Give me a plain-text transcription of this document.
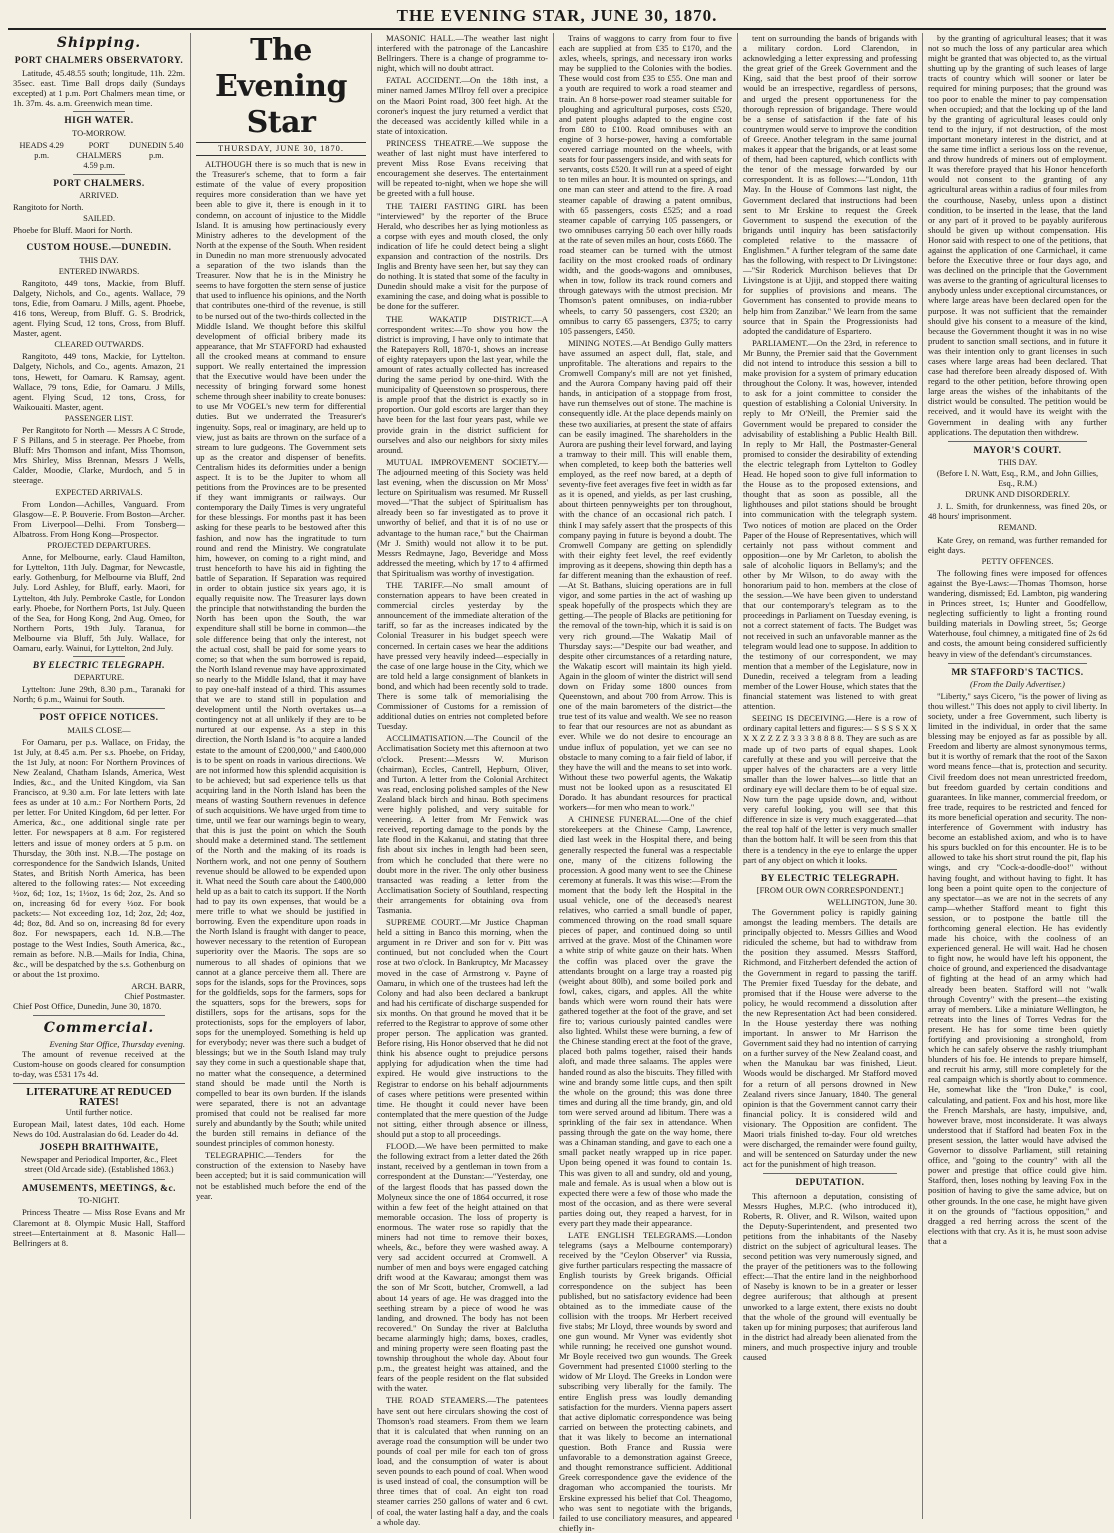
THE EVENING STAR, JUNE 30, 1870.
Shipping.
PORT CHALMERS OBSERVATORY.

Latitude, 45.48.55 south; longitude, 11h. 22m. 35sec. east. Time Ball drops daily (Sundays excepted) at 1 p.m. Port Chalmers mean time, or 1h. 37m. 4s. a.m. Greenwich mean time.

HIGH WATER.
TO-MORROW.
HEADS 4.29 p.m.
PORT CHALMERS 4.59 p.m.
DUNEDIN 5.40 p.m.
PORT CHALMERS.
ARRIVED.

Rangitoto for North.

SAILED.

Phoebe for Bluff. Maori for North.

CUSTOM HOUSE.—DUNEDIN.
THIS DAY.
ENTERED INWARDS.

Rangitoto, 449 tons, Mackie, from Bluff. Dalgety, Nichols, and Co., agents. Wallace, 79 tons, Edie, from Oamaru. J Mills, agent. Phoebe, 416 tons, Wereup, from Bluff. G. S. Brodrick, agent. Flying Scud, 12 tons, Cross, from Bluff. Master, agent.

CLEARED OUTWARDS.

Rangitoto, 449 tons, Mackie, for Lyttelton. Dalgety, Nichols, and Co., agents. Amazon, 21 tons, Hewett, for Oamaru. K Ramsay, agent. Wallace, 79 tons, Edie, for Oamaru. J Mills, agent. Flying Scud, 12 tons, Cross, for Waikouaiti. Master, agent.

PASSENGER LIST.

Per Rangitoto for North — Messrs A C Strode, F S Pillans, and 5 in steerage. Per Phoebe, from Bluff: Mrs Thomson and infant, Miss Thomson, Mrs Shirley, Miss Brennan, Messrs J Wells, Calder, Moodie, Clarke, Murdoch, and 5 in steerage.

EXPECTED ARRIVALS.

From London—Achilles, Vanguard. From Glasgow—E. P. Bouverie. From Boston—Archer. From Liverpool—Delhi. From Tonsberg—Albatross. From Hong Kong—Prospector.

PROJECTED DEPARTURES.

Anne, for Melbourne, early. Claud Hamilton, for Lyttelton, 11th July. Dagmar, for Newcastle, early. Gothenburg, for Melbourne via Bluff, 2nd July. Lord Ashley, for Bluff, early. Maori, for Lyttelton, 4th July. Pembroke Castle, for London early. Phoebe, for Northern Ports, 1st July. Queen of the Sea, for Hong Kong, 2nd Aug. Omeo, for Northern Ports, 19th July. Taranua, for Melbourne via Bluff, 5th July. Wallace, for Oamaru, early. Wainui, for Lyttelton, 2nd July.

BY ELECTRIC TELEGRAPH.
DEPARTURE.

Lyttelton: June 29th, 8.30 p.m., Taranaki for North; 6 p.m., Wainui for South.

POST OFFICE NOTICES.
MAILS CLOSE—

For Oamaru, per p.s. Wallace, on Friday, the 1st July, at 8.45 a.m. Per s.s. Phoebe, on Friday, the 1st July, at noon: For Northern Provinces of New Zealand, Chatham Islands, America, West Indies, &c., and the United Kingdom, via San Francisco, at 9.30 a.m. For late letters with late fees as under at 10 a.m.: For Northern Ports, 2d per letter. For United Kingdom, 6d per letter. For America, &c., one additional single rate per letter. For newspapers at 8 a.m. For registered letters and issue of money orders at 5 p.m. on Thursday, the 30th inst. N.B.—The postage on correspondence for the Sandwich Islands, United States, and British North America, has been altered to the following rates:— Not exceeding ½oz, 6d; 1oz, 1s; 1½oz, 1s 6d; 2oz, 2s. And so on, increasing 6d for every ½oz. For book packets:— Not exceeding 1oz, 1d; 2oz, 2d; 4oz, 4d; 8oz, 8d. And so on, increasing 8d for every 8oz. For newspapers, each 1d. N.B.—The postage to the West Indies, South America, &c., remain as before. N.B.—Mails for India, China, &c., will be despatched by the s.s. Gothenburg on or about the 1st proximo.

ARCH. BARR,
Chief Postmaster.
Chief Post Office, Dunedin, June 30, 1870.
Commercial.
Evening Star Office, Thursday evening.

The amount of revenue received at the Custom-house on goods cleared for consumption to-day, was £531 17s 4d.

LITERATURE AT REDUCED RATES!
Until further notice.

European Mail, latest dates, 10d each. Home News do 10d. Australasian do 6d. Leader do 4d.

JOSEPH BRAITHWAITE,
Newspaper and Periodical Importer, &c., Fleet street (Old Arcade side). (Established 1863.)
AMUSEMENTS, MEETINGS, &c.
TO-NIGHT.

Princess Theatre — Miss Rose Evans and Mr Claremont at 8. Olympic Music Hall, Stafford street—Entertainment at 8. Masonic Hall—Bellringers at 8.

The Evening Star
THURSDAY, JUNE 30, 1870.

ALTHOUGH there is so much that is new in the Treasurer's scheme, that to form a fair estimate of the value of every proposition requires more consideration than we have yet been able to give it, there is enough in it to condemn, on account of injustice to the Middle Island. It is amusing how pertinaciously every Ministry adheres to the development of the North at the expense of the South. When resident in Dunedin no man more strenuously advocated a separation of the two islands than the Treasurer. Now that he is in the Ministry he seems to have forgotten the stern sense of justice that used to influence his opinions, and the North that contributes one-third of the revenue, is still to be nursed out of the two-thirds collected in the Middle Island. We thought before this skilful development of official bribery made its appearance, that Mr STAFFORD had exhausted all the crooked means at command to ensure support. We really entertained the impression that the Executive would have been under the necessity of bringing forward some honest scheme through sheer inability to create bonuses: to use Mr VOGEL's new term for differential duties. But we underrated the Treasurer's ingenuity. Sops, real or imaginary, are held up to view, just as baits are thrown on the surface of a stream to lure gudgeons. The Government sets up as the creator and dispenser of benefits. Centralism hides its deformities under a benign aspect. It is to be the Jupiter to whom all petitions from the Provinces are to be presented if they want immigrants or railways. Our contemporary the Daily Times is very ungrateful for these blessings. For months past it has been asking for these pearls to be bestowed after this fashion, and now has the ingratitude to turn round and rend the Ministry. We congratulate him, however, on coming to a right mind, and trust henceforth to have his aid in fighting the battle of Separation. If Separation was required in order to obtain justice six years ago, it is equally requisite now. The Treasurer lays down the principle that notwithstanding the burden the North has been upon the South, the war expenditure shall still be borne in common—the sole difference being that only the interest, not the actual cost, shall be paid for some years to come; so that when the sum borrowed is repaid, the North Island revenue may have approximated so nearly to the Middle Island, that it may have to pay one-half instead of a third. This assumes that we are to stand still in population and development until the North overtakes us—a contingency not at all unlikely if they are to be nurtured at our expense. As a step in this direction, the North Island is "to acquire a landed estate to the amount of £200,000," and £400,000 is to be spent on roads in various directions. We are not informed how this splendid acquisition is to be achieved; but sad experience tells us that acquiring land in the North Island has been the means of wasting Southern revenues in defence of such acquisitions. We have urged from time to time, until we fear our warnings begin to weary, that this is just the point on which the South should make a determined stand. The settlement of the North and the making of its roads is Northern work, and not one penny of Southern revenue should be allowed to be expended upon it. What need the South care about the £400,000 held up as a bait to catch its support. If the North had to pay its own expenses, that would be a mere trifle to what we should be justified in borrowing. Even the expenditure upon roads in the North Island is fraught with danger to peace, however necessary to the retention of European superiority over the Maoris. The sops are so numerous to all shades of opinions that we cannot at a glance perceive them all. There are sops for the islands, sops for the Provinces, sops for the goldfields, sops for the farmers, sops for the squatters, sops for the brewers, sops for distillers, sops for the artisans, sops for the protectionists, sops for the employers of labor, sops for the unemployed. Something is held up for everybody; never was there such a budget of blessings; but we in the South Island may truly say they come in such a questionable shape that, no matter what the consequence, a determined stand should be made until the North is compelled to bear its own burden. If the islands were separated, there is not an advantage promised that could not be realised far more surely and abundantly by the South; while united the burden still remains in defiance of the soundest principles of common honesty.

TELEGRAPHIC.—Tenders for the construction of the extension to Naseby have been accepted; but it is said communication will not be established much before the end of the year.

MASONIC HALL.—The weather last night interfered with the patronage of the Lancashire Bellringers. There is a change of programme to-night, which will no doubt attract.

FATAL ACCIDENT.—On the 18th inst, a miner named James M'Ilroy fell over a precipice on the Maori Point road, 300 feet high. At the coroner's inquest the jury returned a verdict that the deceased was accidently killed while in a state of intoxication.

PRINCESS THEATRE.—We suppose the weather of last night must have interfered to prevent Miss Rose Evans receiving that encouragement she deserves. The entertainment will be repeated to-night, when we hope she will be greeted with a full house.

THE TAIERI FASTING GIRL has been "interviewed" by the reporter of the Bruce Herald, who describes her as lying motionless as a corpse with eyes and mouth closed, the only indication of life he could detect being a slight expansion and contraction of the nostrils. Drs Inglis and Brenty have seen her, but say they can do nothing. It is stated that some of the faculty in Dunedin should make a visit for the purpose of examining the case, and doing what is possible to be done for the sufferer.

THE WAKATIP DISTRICT.—A correspondent writes:—To show you how the district is improving, I have only to intimate that the Ratepayers Roll, 1870-1, shows an increase of eighty ratepayers upon the last year, while the amount of rates actually collected has increased during the same period by one-third. With the municipality of Queenstown so prosperous, there is ample proof that the district is exactly so in proportion. Our gold escorts are larger than they have been for the last four years past, while we provide grain in the district sufficient for ourselves and also our neighbors for sixty miles around.

MUTUAL IMPROVEMENT SOCIETY.—The adjourned meeting of this Society was held last evening, when the discussion on Mr Moss' lecture on Spiritualism was resumed. Mr Russell moved—"That the subject of Spiritualism has already been so far investigated as to prove it unworthy of belief, and that it is of no use or advantage to the human race," but the Chairman (Mr J. Smith) would not allow it to be put. Messrs Redmayne, Jago, Beveridge and Moss addressed the meeting, which by 17 to 4 affirmed that Spiritualism was worthy of investigation.

THE TARIFF.—No small amount of consternation appears to have been created in commercial circles yesterday by the announcement of the immediate alteration of the tariff, so far as the increases indicated by the Colonial Treasurer in his budget speech were concerned. In certain cases we hear the additions have pressed very heavily indeed—especially in the case of one large house in the City, which we are told held a large consignment of blankets in bond, and which had been recently sold to trade. There is some talk of memorialising the Commissioner of Customs for a remission of additional duties on entries not completed before Tuesday.

ACCLIMATISATION.—The Council of the Acclimatisation Society met this afternoon at two o'clock. Present:—Messrs W. Murison (chairman), Eccles, Cantrell, Hepburn, Oliver, and Turton. A letter from the Colonial Architect was read, enclosing polished samples of the New Zealand black birch and hinau. Both specimens were highly polished, and very suitable for veneering. A letter from Mr Fenwick was received, reporting damage to the ponds by the late flood in the Kakanui, and stating that three fish about six inches in length had been seen, from which he concluded that there were no doubt more in the river. The only other business transacted was reading a letter from the Acclimatisation Society of Southland, respecting their arrangements for obtaining ova from Tasmania.

SUPREME COURT.—Mr Justice Chapman held a sitting in Banco this morning, when the argument in re Driver and son for v. Pitt was continued, but not concluded when the Court rose at two o'clock. In Bankruptcy, Mr Macassey moved in the case of Armstrong v. Payne of Oamaru, in which one of the trustees had left the Colony and had also been declared a bankrupt and had his certificate of discharge suspended for six months. On that ground he moved that it be referred to the Registrar to approve of some other proper person. The application was granted. Before rising, His Honor observed that he did not think his absence ought to prejudice persons applying for adjudication when the time had expired. He would give instructions to the Registrar to endorse on his behalf adjournments of cases where petitions were presented within time. He thought it could never have been contemplated that the mere question of the Judge not sitting, either through absence or illness, should put a stop to all proceedings.

FLOOD.—We have been permitted to make the following extract from a letter dated the 26th instant, received by a gentleman in town from a correspondent at the Dunstan:—"Yesterday, one of the largest floods that has passed down the Molyneux since the one of 1864 occurred, it rose within a few feet of the height attained on that memorable occasion. The loss of property is enormous. The water rose so rapidly that the miners had not time to remove their boxes, wheels, &c., before they were washed away. A very sad accident occurred at Cromwell. A number of men and boys were engaged catching drift wood at the Kawarau; amongst them was the son of Mr Scott, butcher, Cromwell, a lad about 14 years of age. He was dragged into the seething stream by a piece of wood he was landing, and drowned. The body has not been recovered." On Sunday the river at Balclutha became alarmingly high; dams, boxes, cradles, and mining property were seen floating past the township throughout the whole day. About four p.m., the greatest height was attained, and the fears of the people resident on the flat subsided with the water.

THE ROAD STEAMERS.—The patentees have sent out here circulars showing the cost of Thomson's road steamers. From them we learn that it is calculated that when running on an average road the consumption will be under two pounds of coal per mile for each ton of gross load, and the consumption of water is about seven pounds to each pound of coal. When wood is used instead of coal, the consumption will be three times that of coal. An eight ton road steamer carries 250 gallons of water and 6 cwt. of coal, the water lasting half a day, and the coals a whole day.

Trains of waggons to carry from four to five each are supplied at from £35 to £170, and the axles, wheels, springs, and necessary iron works may be supplied to the Colonies with the bodies. These would cost from £35 to £55. One man and a youth are required to work a road steamer and train. An 8 horse-power road steamer suitable for ploughing and agricultural purposes, costs £520, and patent ploughs adapted to the engine cost from £80 to £100. Road omnibuses with an engine of 3 horse-power, having a comfortable covered carriage mounted on the wheels, with seats for four passengers inside, and with seats for servants, costs £520. It will run at a speed of eight to ten miles an hour. It is mounted on springs, and one man can steer and attend to the fire. A road steamer capable of drawing a patent omnibus, with 65 passengers, costs £525; and a road steamer capable of carrying 105 passengers, or two omnibuses carrying 50 each over hilly roads at the rate of seven miles an hour, costs £660. The road steamer can be turned with the utmost facility on the most crooked roads of ordinary width, and the goods-wagons and omnibuses, when in tow, follow its track round corners and through gateways with the utmost precision. Mr Thomson's patent omnibuses, on india-rubber wheels, to carry 50 passengers, cost £320; an omnibus to carry 65 passengers, £375; to carry 105 passengers, £450.

MINING NOTES.—At Bendigo Gully matters have assumed an aspect dull, flat, stale, and unprofitable. The alterations and repairs to the Cromwell Company's mill are not yet finished, and the Aurora Company having paid off their hands, in anticipation of a stoppage from frost, have run themselves out of stone. The machine is consequently idle. At the place depends mainly on these two auxiliaries, at present the state of affairs can be easily imagined. The shareholders in the Aurora are pushing their level forward, and laying a tramway to their mill. This will enable them, when completed, to keep both the batteries well employed, as the reef now bared, at a depth of seventy-five feet averages five feet in width as far as it is opened, and yields, as per last crushing, about thirteen pennyweights per ton throughout, with the chance of an occasional rich patch. I think I may safely assert that the prospects of this company paying in future is beyond a doubt. The Cromwell Company are getting on splendidly with their eighty feet level, the reef evidently improving as it deepens, showing thin depth has a far different meaning than the exhaustion of reef.—At St. Bathans, sluicing operations are in full vigor, and some parties in the act of washing up speak hopefully of the prospects which they are getting.—The people of Blacks are petitioning for the removal of the town-hip, which it is said is on very rich ground.—The Wakatip Mail of Thursday says:—"Despite our bad weather, and despite other circumstances of a retarding nature, the Wakatip escort will maintain its high yield. Again in the gloom of winter the district will send down on Friday some 1800 ounces from Queenstown, and about 700 from Arrow. This is one of the main barometers of the district—the true test of its value and wealth. We see no reason to fear that our resources are not as abundant as ever. While we do not desire to encourage an undue influx of population, yet we can see no obstacle to many coming to a fair field of labor, if they have the will and the means to set into work. Without these two powerful agents, the Wakatip must not be looked upon as a resuscitated El Dorado. It has abundant resources for practical workers—for men who mean to work."

A CHINESE FUNERAL.—One of the chief storekeepers at the Chinese Camp, Lawrence, died last week in the Hospital there, and being generally respected the funeral was a respectable one, many of the citizens following the procession. A good many went to see the Chinese ceremony at funerals. It was this wise:—From the moment that the body left the Hospital in the usual vehicle, one of the deceased's nearest relatives, who carried a small bundle of paper, commenced throwing on the road small square pieces of paper, and continued doing so until arrived at the grave. Most of the Chinamen wore a white strip of white gauze on their hats. When the coffin was placed over the grave the attendants brought on a large tray a roasted pig (weight about 80lb), and some boiled pork and fowl, cakes, cigars, and apples. All the white bands which were worn round their hats were gathered together at the foot of the grave, and set fire to; various curiously painted candles were also lighted. Whilst these were burning, a few of the Chinese standing erect at the foot of the grave, placed both palms together, raised their hands aloft, and made three salaams. The apples were handed round as also the biscuits. They filled with wine and brandy some little cups, and then spilt the whole on the ground; this was done three times and during all the time brandy, gin, and old tom were served around ad libitum. There was a sprinkling of the fair sex in attendance. When passing through the gate on the way home, there was a Chinaman standing, and gave to each one a small packet neatly wrapped up in rice paper. Upon being opened it was found to contain 1s. This was given to all and sundry, old and young, male and female. As is usual when a blow out is expected there were a few of those who made the most of the occasion, and as there were several parties doing out, they reaped a harvest, for in every part they made their appearance.

LATE ENGLISH TELEGRAMS.—London telegrams (says a Melbourne contemporary) received by the "Ceylon Observer" via Russia, give further particulars respecting the massacre of English tourists by Greek brigands. Official correspondence on the subject has been published, but no satisfactory evidence had been obtained as to the immediate cause of the collision with the troops. Mr Herbert received five stabs; Mr Lloyd, three wounds by sword and one gun wound. Mr Vyner was evidently shot while running; he received one gunshot wound. Mr Boyle received two gun wounds. The Greek Government had presented £1000 sterling to the widow of Mr Lloyd. The Greeks in London were subscribing very liberally for the family. The entire English press was loudly demanding satisfaction for the murders. Vienna papers assert that active diplomatic correspondence was being carried on between the protecting cabinets, and that it was likely to become an international question. Both France and Russia were unfavorable to a demonstration against Greece, and thought remonstrance sufficient. Additional Greek correspondence gave the evidence of the dragoman who accompanied the tourists. Mr Erskine expressed his belief that Col. Theagomo, who was sent to negotiate with the brigands, failed to use conciliatory measures, and appeared chiefly in-

tent on surrounding the bands of brigands with a military cordon. Lord Clarendon, in acknowledging a letter expressing and professing the great grief of the Greek Government and the King, said that the best proof of their sorrow would be an irrespective, regardless of persons, and urged the present opportuneness for the thorough repression of brigandage. There would be a sense of satisfaction if the fate of his countrymen would serve to improve the condition of Greece. Another telegram in the same journal makes it appear that the brigands, or at least some of them, had been captured, which conflicts with the tenor of the message forwarded by our correspondent. It is as follows:—"London, 11th May. In the House of Commons last night, the Government declared that instructions had been sent to Mr Erskine to request the Greek Government to suspend the execution of the brigands until inquiry has been satisfactorily completed relative to the massacre of Englishmen." A further telegram of the same date has the following, with respect to Dr Livingstone:—"Sir Roderick Murchison believes that Dr Livingstone is at Ujiji, and stopped there waiting for supplies of provisions and means. The Government has consented to provide means to help him from Zanzibar." We learn from the same source that in Spain the Progressionists had adopted the candidature of Espartero.

PARLIAMENT.—On the 23rd, in reference to Mr Bunny, the Premier said that the Government did not intend to introduce this session a bill to make provision for a system of primary education throughout the Colony. It was, however, intended to ask for a joint committee to consider the question of establishing a Colonial University. In reply to Mr O'Neill, the Premier said the Government would be prepared to consider the advisability of establishing a Public Health Bill. In reply to Mr Hall, the Postmaster-General promised to consider the desirability of extending the electric telegraph from Lyttelton to Godley Head. He hoped soon to give full information to the House as to the proposed extensions, and thought that as soon as possible, all the lighthouses and pilot stations should be brought into communication with the telegraph system. Two notices of motion are placed on the Order Paper of the House of Representatives, which will certainly not pass without comment and opposition—one by Mr Carleton, to abolish the sale of alcoholic liquors in Bellamy's; and the other by Mr Wilson, to do away with the honorarium paid to hon. members at the close of the session.—We have been given to understand that our contemporary's telegram as to the proceedings in Parliament on Tuesday evening, is not a correct statement of facts. The Budget was not received in such an unfavorable manner as the telegram would lead one to suppose. In addition to the testimony of our correspondent, we may mention that a member of the Legislature, now in Dunedin, received a telegram from a leading member of the Lower House, which states that the financial statement was listened to with great attention.

SEEING IS DECEIVING.—Here is a row of ordinary capital letters and figures:— S S S S X X X X Z Z Z Z 3 3 3 3 8 8 8 8. They are such as are made up of two parts of equal shapes. Look carefully at these and you will perceive that the upper halves of the characters are a very little smaller than the lower halves—so little that an ordinary eye will declare them to be of equal size. Now turn the page upside down, and, without very careful looking, you will see that this difference in size is very much exaggerated—that the real top half of the letter is very much smaller than the bottom half. It will be seen from this that there is a tendency in the eye to enlarge the upper part of any object on which it looks.

BY ELECTRIC TELEGRAPH.
[FROM OUR OWN CORRESPONDENT.]
WELLINGTON, June 30.

The Government policy is rapidly gaining amongst the leading members. The details are principally objected to. Messrs Gillies and Wood ridiculed the scheme, but had to withdraw from the position they assumed. Messrs Stafford, Richmond, and Fitzherbert defended the action of the Government in regard to passing the tariff. The Premier fixed Tuesday for the debate, and promised that if the House were adverse to the policy, he would recommend a dissolution after the new Representation Act had been considered. In the House yesterday there was nothing important. In answer to Mr Harrison the Government said they had no intention of carrying on a further survey of the New Zealand coast, and when the Manukau bar was finished, Lieut. Woods would be discharged. Mr Stafford moved for a return of all persons drowned in New Zealand rivers since January, 1840. The general opinion is that the Government cannot carry their financial policy. It is considered wild and visionary. The Opposition are confident. The Maori trials finished to-day. Four old wretches were discharged, the remainder were found guilty, and will be sentenced on Saturday under the new act for the punishment of high treason.

DEPUTATION.

This afternoon a deputation, consisting of Messrs Hughes, M.P.C. (who introduced it), Roberts, R. Oliver, and R. Wilson, waited upon the Deputy-Superintendent, and presented two petitions from the inhabitants of the Naseby district on the subject of agricultural leases. The second petition was very numerously signed, and the prayer of the petitioners was to the following effect:—That the entire land in the neighborhood of Naseby is known to be in a greater or lesser degree auriferous; that although at present unworked to a large extent, there exists no doubt that the whole of the ground will eventually be taken up for mining purposes; that auriferous land in the district had already been alienated from the miners, and much prospective injury and trouble caused

by the granting of agricultural leases; that it was not so much the loss of any particular area which might be granted that was objected to, as the virtual shutting up by the granting of such leases of large tracts of country which will sooner or later be required for mining purposes; that the ground was too poor to enable the miner to pay compensation when occupied; and that the locking up of the land by the granting of agricultural leases could only tend to the injury, if not destruction, of the most important monetary interest in the district, and at the same time inflict a serious loss on the revenue, and throw hundreds of miners out of employment. It was therefore prayed that his Honor henceforth would not consent to the granting of any agricultural areas within a radius of four miles from the courthouse, Naseby, unless upon a distinct condition, to be inserted in the lease, that the land or any part of it proved to be payably auriferous should be given up without compensation. His Honor said with respect to one of the petitions, that against the application of one Carmichael, it came before the Executive three or four days ago, and was declined on the principle that the Government was averse to the granting of agricultural licenses to anybody unless under exceptional circumstances, or where large areas have been declared open for the purpose. It was not sufficient that the remainder should give his consent to a measure of the kind, because the Government thought it was in no wise prudent to sanction small sections, and in future it was their intention only to grant licenses in such cases where large areas had been declared. That case had therefore been already disposed of. With regard to the other petition, before throwing open large areas the wishes of the inhabitants of the district would be consulted. The petition would be received, and it would have its weight with the Government in dealing with any further applications. The deputation then withdrew.

MAYOR'S COURT.
THIS DAY.
(Before I. N. Watt, Esq., R.M., and John Gillies, Esq., R.M.)
DRUNK AND DISORDERLY.

J. L. Smith, for drunkenness, was fined 20s, or 48 hours' imprisonment.

REMAND.

Kate Grey, on remand, was further remanded for eight days.

PETTY OFFENCES.

The following fines were imposed for offences against the Bye-Laws:—Thomas Thomson, horse wandering, dismissed; Ed. Lambton, pig wandering in Princes street, 1s; Hunter and Goodfellow, neglecting sufficiently to light a fronting round building materials in Dowling street, 5s; George Waterhouse, foul chimney, a mitigated fine of 2s 6d and costs, the amount being considered sufficiently heavy in view of the defendant's circumstances.

MR STAFFORD'S TACTICS.
(From the Daily Advertiser.)

"Liberty," says Cicero, "is the power of living as thou willest." This does not apply to civil liberty. In society, under a free Government, such liberty is limited in the individual, in order that the same blessing may be enjoyed as far as possible by all. Freedom and liberty are almost synonymous terms, but it is worthy of remark that the root of the Saxon word means fence—that is, protection and security. Civil freedom does not mean unrestricted freedom, but freedom guarded by certain conditions and guarantees. In like manner, commercial freedom, or free trade, requires to be restricted and fenced for its more beneficial operation and security. The non-interference of Government with industry has become an established axiom, and who is to have his spurs buckled on for this encounter. He is to be allowed to take his short strut round the pit, flap his wings, and cry "Cock-a-doodle-doo!" without having fought, and without having to fight. It has long been a point quite open to the conjecture of any spectator—as we are not in the secrets of any camp—whether Stafford meant to fight this session, or to postpone the battle till the forthcoming general election. He has evidently made his choice, with the coolness of an experienced general. He will wait. Had he chosen to fight now, he would have left his opponent, the choice of ground, and experienced the disadvantage of fighting at the head of an army which had already been beaten. Stafford will not "walk through Coventry" with the present—the existing array of members. Like a miniature Wellington, he retreats into the lines of Torres Vedras for the present. He has for some time been quietly fortifying and provisioning a stronghold, from which he can safely observe the rashly triumphant blunders of his foe. He intends to prepare himself, and recruit his army, still more completely for the real campaign which is shortly about to commence. He, somewhat like the "Iron Duke," is cool, calculating, and patient. Fox and his host, more like the French Marshals, are hasty, impulsive, and, however brave, most inconsiderate. It was always understood that if Stafford had beaten Fox in the present session, the latter would have advised the Governor to dissolve Parliament, still retaining office, and "going to the country" with all the power and prestige that office could give him. Stafford, then, loses nothing by leaving Fox in the position of having to give the same advice, but on other grounds. In the one case, he might have given it on the grounds of "factious opposition," and dragged a red herring across the scent of the elections with that cry. As it is, he must soon advise that a
